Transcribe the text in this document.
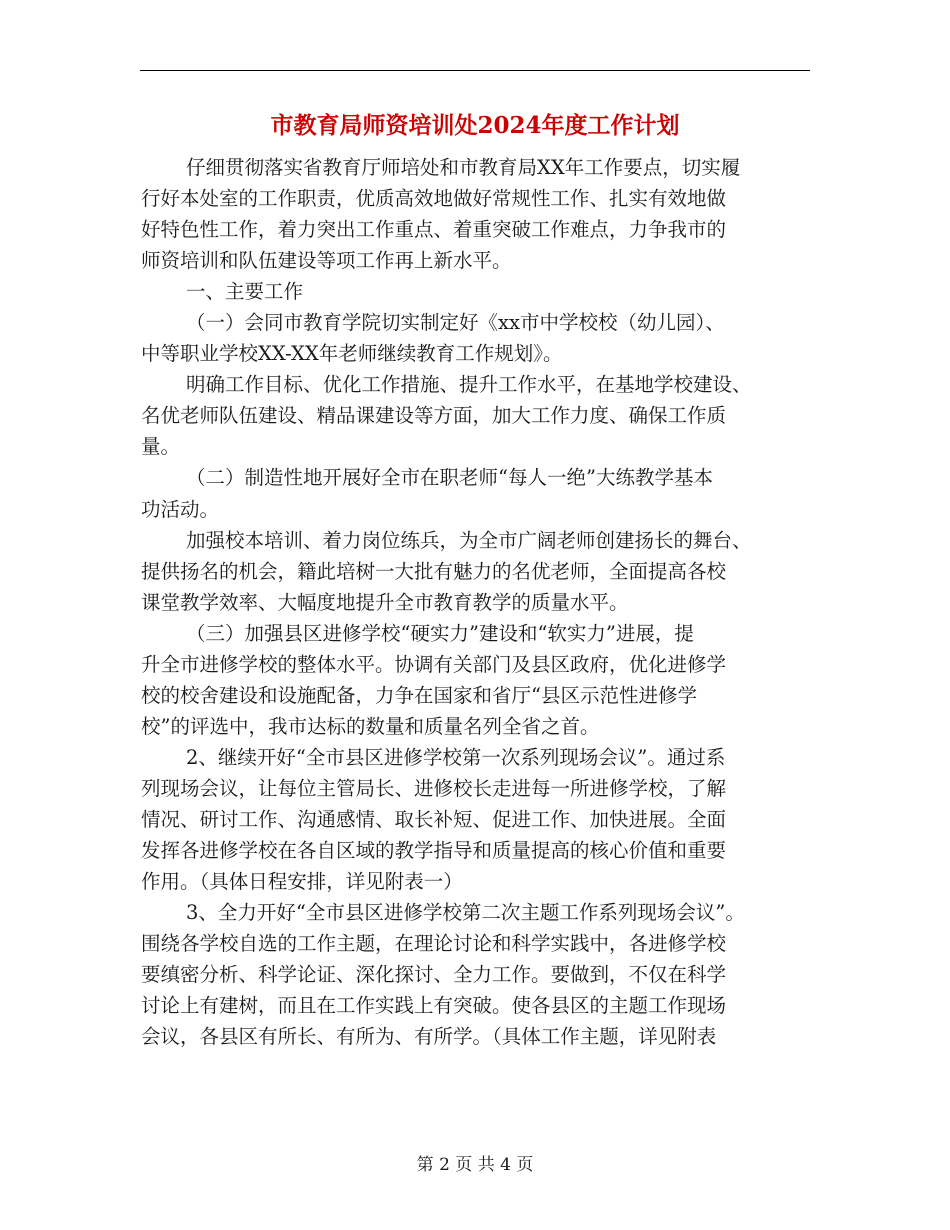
市教育局师资培训处2024年度工作计划
仔细贯彻落实省教育厅师培处和市教育局XX年工作要点，切实履
行好本处室的工作职责，优质高效地做好常规性工作、扎实有效地做
好特色性工作，着力突出工作重点、着重突破工作难点，力争我市的
师资培训和队伍建设等项工作再上新水平。
一、主要工作
（一）会同市教育学院切实制定好《xx市中学校校（幼儿园）、
中等职业学校XX-XX年老师继续教育工作规划》。
明确工作目标、优化工作措施、提升工作水平，在基地学校建设、
名优老师队伍建设、精品课建设等方面，加大工作力度、确保工作质
量。
（二）制造性地开展好全市在职老师“每人一绝”大练教学基本
功活动。
加强校本培训、着力岗位练兵，为全市广阔老师创建扬长的舞台、
提供扬名的机会，籍此培树一大批有魅力的名优老师，全面提高各校
课堂教学效率、大幅度地提升全市教育教学的质量水平。
（三）加强县区进修学校“硬实力”建设和“软实力”进展，提
升全市进修学校的整体水平。协调有关部门及县区政府，优化进修学
校的校舍建设和设施配备，力争在国家和省厅“县区示范性进修学
校”的评选中，我市达标的数量和质量名列全省之首。
2、继续开好“全市县区进修学校第一次系列现场会议”。通过系
列现场会议，让每位主管局长、进修校长走进每一所进修学校，了解
情况、研讨工作、沟通感情、取长补短、促进工作、加快进展。全面
发挥各进修学校在各自区域的教学指导和质量提高的核心价值和重要
作用。（具体日程安排，详见附表一）
3、全力开好“全市县区进修学校第二次主题工作系列现场会议”。
围绕各学校自选的工作主题，在理论讨论和科学实践中，各进修学校
要缜密分析、科学论证、深化探讨、全力工作。要做到，不仅在科学
讨论上有建树，而且在工作实践上有突破。使各县区的主题工作现场
会议，各县区有所长、有所为、有所学。（具体工作主题，详见附表
第 2 页 共 4 页
